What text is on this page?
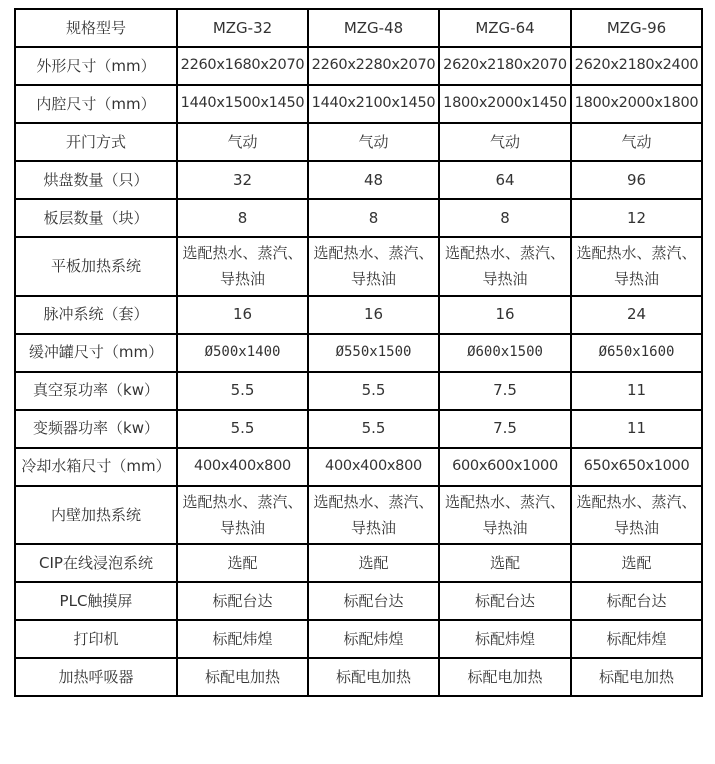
规格型号	MZG-32	MZG-48	MZG-64	MZG-96
外形尺寸（mm）	2260x1680x2070	2260x2280x2070	2620x2180x2070	2620x2180x2400
内腔尺寸（mm）	1440x1500x1450	1440x2100x1450	1800x2000x1450	1800x2000x1800
开门方式	气动	气动	气动	气动
烘盘数量（只）	32	48	64	96
板层数量（块）	8	8	8	12
平板加热系统	选配热水、蒸汽、导热油	选配热水、蒸汽、导热油	选配热水、蒸汽、导热油	选配热水、蒸汽、导热油
脉冲系统（套）	16	16	16	24
缓冲罐尺寸（mm）	Ø500x1400	Ø550x1500	Ø600x1500	Ø650x1600
真空泵功率（kw）	5.5	5.5	7.5	11
变频器功率（kw）	5.5	5.5	7.5	11
冷却水箱尺寸（mm）	400x400x800	400x400x800	600x600x1000	650x650x1000
内壁加热系统	选配热水、蒸汽、导热油	选配热水、蒸汽、导热油	选配热水、蒸汽、导热油	选配热水、蒸汽、导热油
CIP在线浸泡系统	选配	选配	选配	选配
PLC触摸屏	标配台达	标配台达	标配台达	标配台达
打印机	标配炜煌	标配炜煌	标配炜煌	标配炜煌
加热呼吸器	标配电加热	标配电加热	标配电加热	标配电加热
